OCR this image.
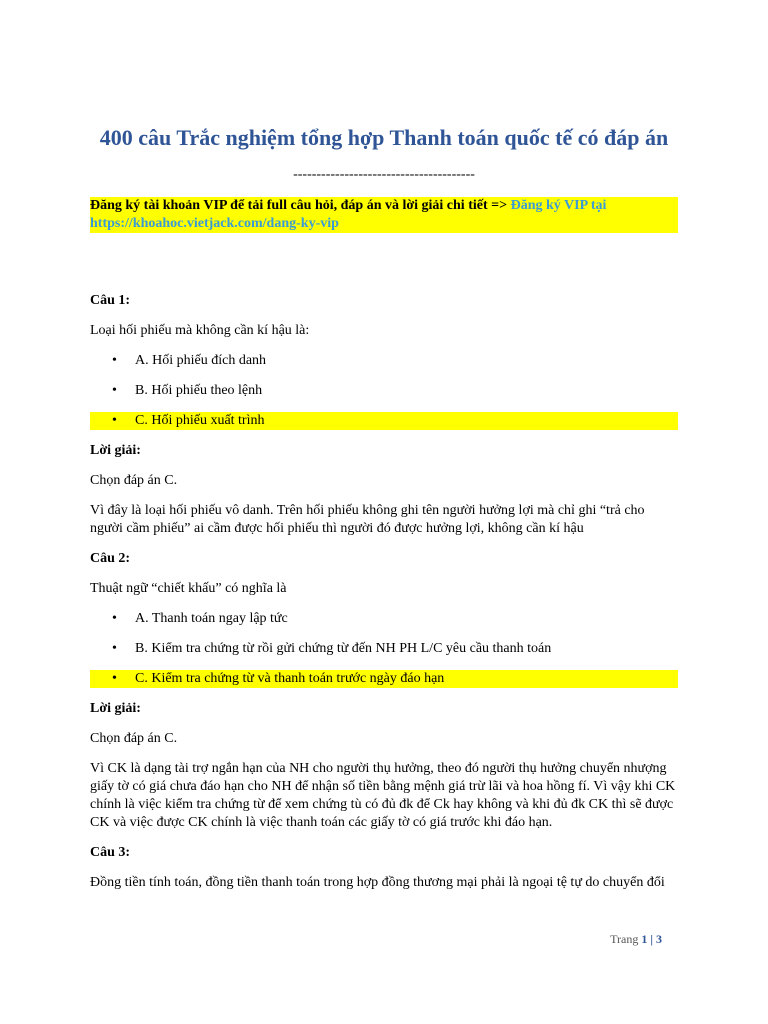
400 câu Trắc nghiệm tổng hợp Thanh toán quốc tế có đáp án
---------------------------------------
Đăng ký tài khoản VIP để tải full câu hỏi, đáp án và lời giải chi tiết => Đăng ký VIP tại
https://khoahoc.vietjack.com/dang-ky-vip
Câu 1:
Loại hối phiếu mà không cần kí hậu là:
• A. Hối phiếu đích danh
• B. Hối phiếu theo lệnh
• C. Hối phiếu xuất trình
Lời giải:
Chọn đáp án C.
Vì đây là loại hối phiếu vô danh. Trên hối phiếu không ghi tên người hưởng lợi mà chỉ ghi “trả cho người cầm phiếu” ai cầm được hối phiếu thì người đó được hưởng lợi, không cần kí hậu
Câu 2:
Thuật ngữ “chiết khấu” có nghĩa là
• A. Thanh toán ngay lập tức
• B. Kiểm tra chứng từ rồi gửi chứng từ đến NH PH L/C yêu cầu thanh toán
• C. Kiểm tra chứng từ và thanh toán trước ngày đáo hạn
Lời giải:
Chọn đáp án C.
Vì CK là dạng tài trợ ngắn hạn của NH cho người thụ hưởng, theo đó người thụ hưởng chuyển nhượng giấy tờ có giá chưa đáo hạn cho NH để nhận số tiền bằng mệnh giá trừ lãi và hoa hồng fí. Vì vậy khi CK chính là việc kiểm tra chứng từ để xem chứng tù có đủ đk để Ck hay không và khi đủ đk CK thì sẽ được CK và việc được CK chính là việc thanh toán các giấy tờ có giá trước khi đáo hạn.
Câu 3:
Đồng tiền tính toán, đồng tiền thanh toán trong hợp đồng thương mại phải là ngoại tệ tự do chuyển đổi
Trang 1 | 3
